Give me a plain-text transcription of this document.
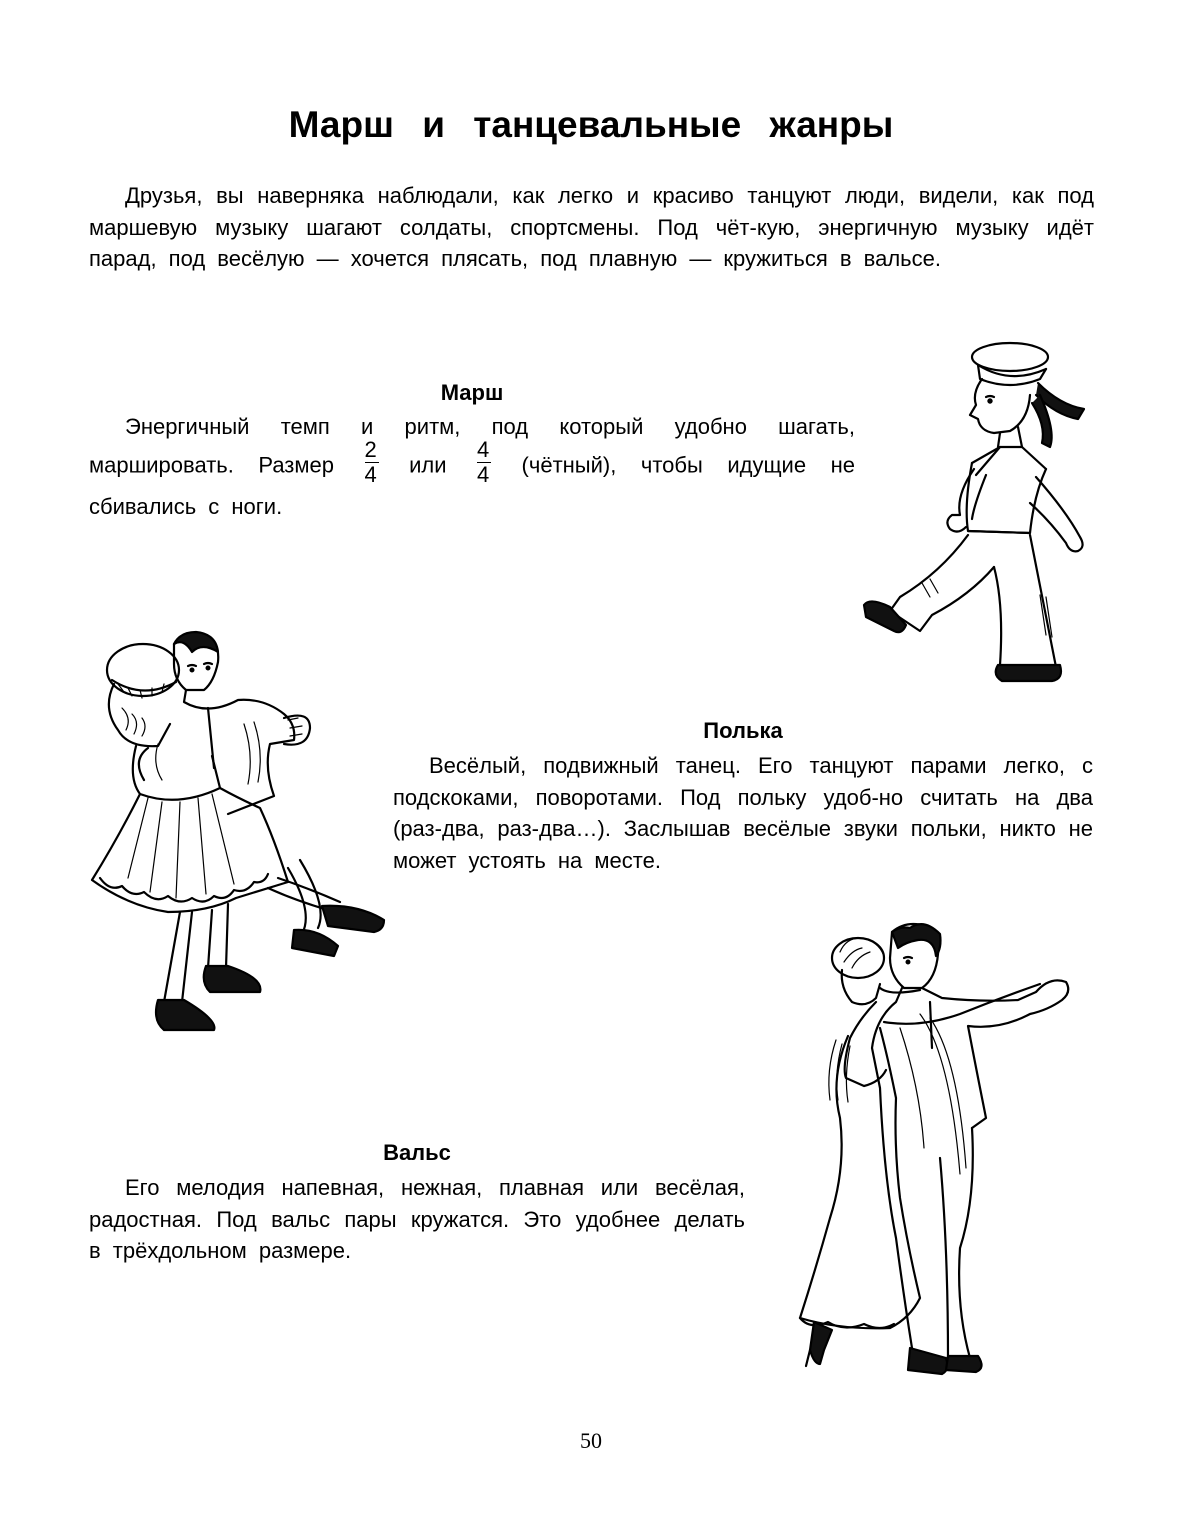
Марш и танцевальные жанры

Друзья, вы наверняка наблюдали, как легко и красиво танцуют люди, видели, как под маршевую музыку шагают солдаты, спортсмены. Под чёт-кую, энергичную музыку идёт парад, под весёлую — хочется плясать, под плавную — кружиться в вальсе.

Марш

Энергичный темп и ритм, под который удобно шагать, маршировать. Размер $\frac{2}{4}$ или $\frac{4}{4}$ (чётный), чтобы идущие не сбивались с ноги.

Полька

Весёлый, подвижный танец. Его танцуют парами легко, с подскоками, поворотами. Под польку удоб-но считать на два (раз-два, раз-два…). Заслышав весёлые звуки польки, никто не может устоять на месте.

Вальс

Его мелодия напевная, нежная, плавная или весёлая, радостная. Под вальс пары кружатся. Это удобнее делать в трёхдольном размере.

50
